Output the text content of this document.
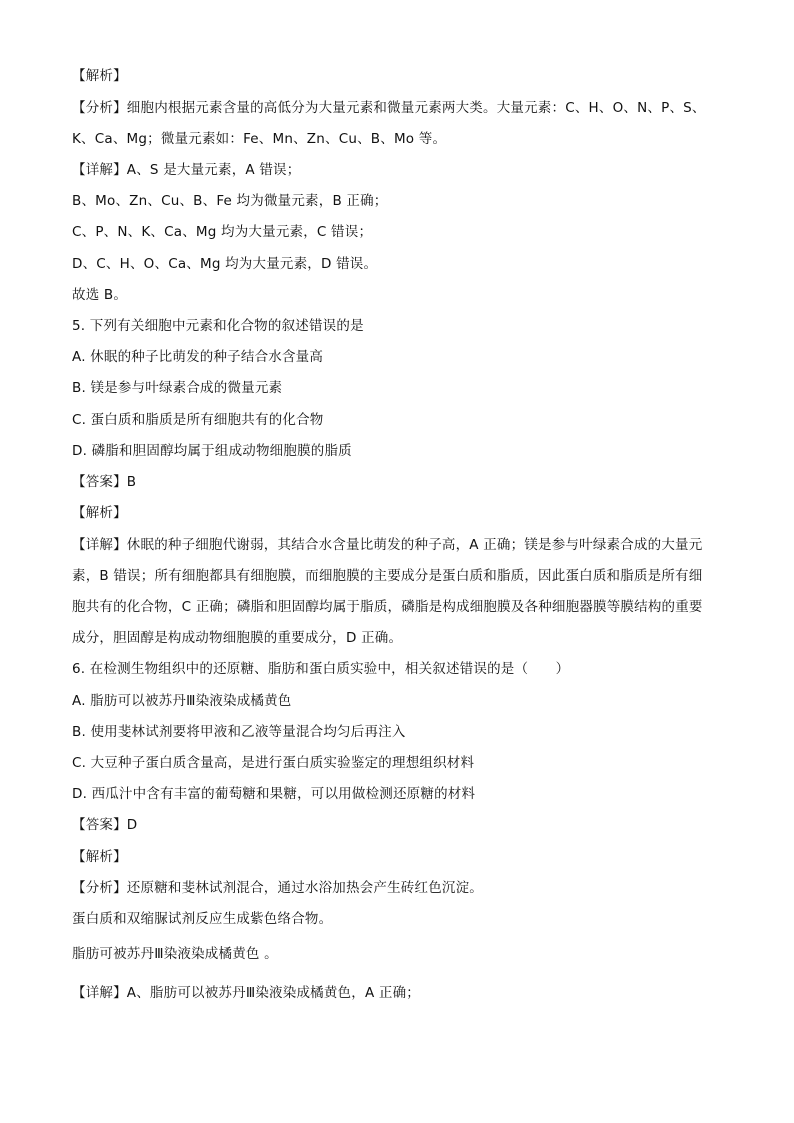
【解析】
【分析】细胞内根据元素含量的高低分为大量元素和微量元素两大类。大量元素：C、H、O、N、P、S、
K、Ca、Mg；微量元素如：Fe、Mn、Zn、Cu、B、Mo 等。
【详解】A、S 是大量元素，A 错误；
B、Mo、Zn、Cu、B、Fe 均为微量元素，B 正确；
C、P、N、K、Ca、Mg 均为大量元素，C 错误；
D、C、H、O、Ca、Mg 均为大量元素，D 错误。
故选 B。
5. 下列有关细胞中元素和化合物的叙述错误的是
A. 休眠的种子比萌发的种子结合水含量高
B. 镁是参与叶绿素合成的微量元素
C. 蛋白质和脂质是所有细胞共有的化合物
D. 磷脂和胆固醇均属于组成动物细胞膜的脂质
【答案】B
【解析】
【详解】休眠的种子细胞代谢弱，其结合水含量比萌发的种子高，A 正确；镁是参与叶绿素合成的大量元
素，B 错误；所有细胞都具有细胞膜，而细胞膜的主要成分是蛋白质和脂质，因此蛋白质和脂质是所有细
胞共有的化合物，C 正确；磷脂和胆固醇均属于脂质，磷脂是构成细胞膜及各种细胞器膜等膜结构的重要
成分，胆固醇是构成动物细胞膜的重要成分，D 正确。
6. 在检测生物组织中的还原糖、脂肪和蛋白质实验中，相关叙述错误的是（　　）
A. 脂肪可以被苏丹Ⅲ染液染成橘黄色
B. 使用斐林试剂要将甲液和乙液等量混合均匀后再注入
C. 大豆种子蛋白质含量高，是进行蛋白质实验鉴定的理想组织材料
D. 西瓜汁中含有丰富的葡萄糖和果糖，可以用做检测还原糖的材料
【答案】D
【解析】
【分析】还原糖和斐林试剂混合，通过水浴加热会产生砖红色沉淀。
蛋白质和双缩脲试剂反应生成紫色络合物。
脂肪可被苏丹Ⅲ染液染成橘黄色 。
【详解】A、脂肪可以被苏丹Ⅲ染液染成橘黄色，A 正确；
